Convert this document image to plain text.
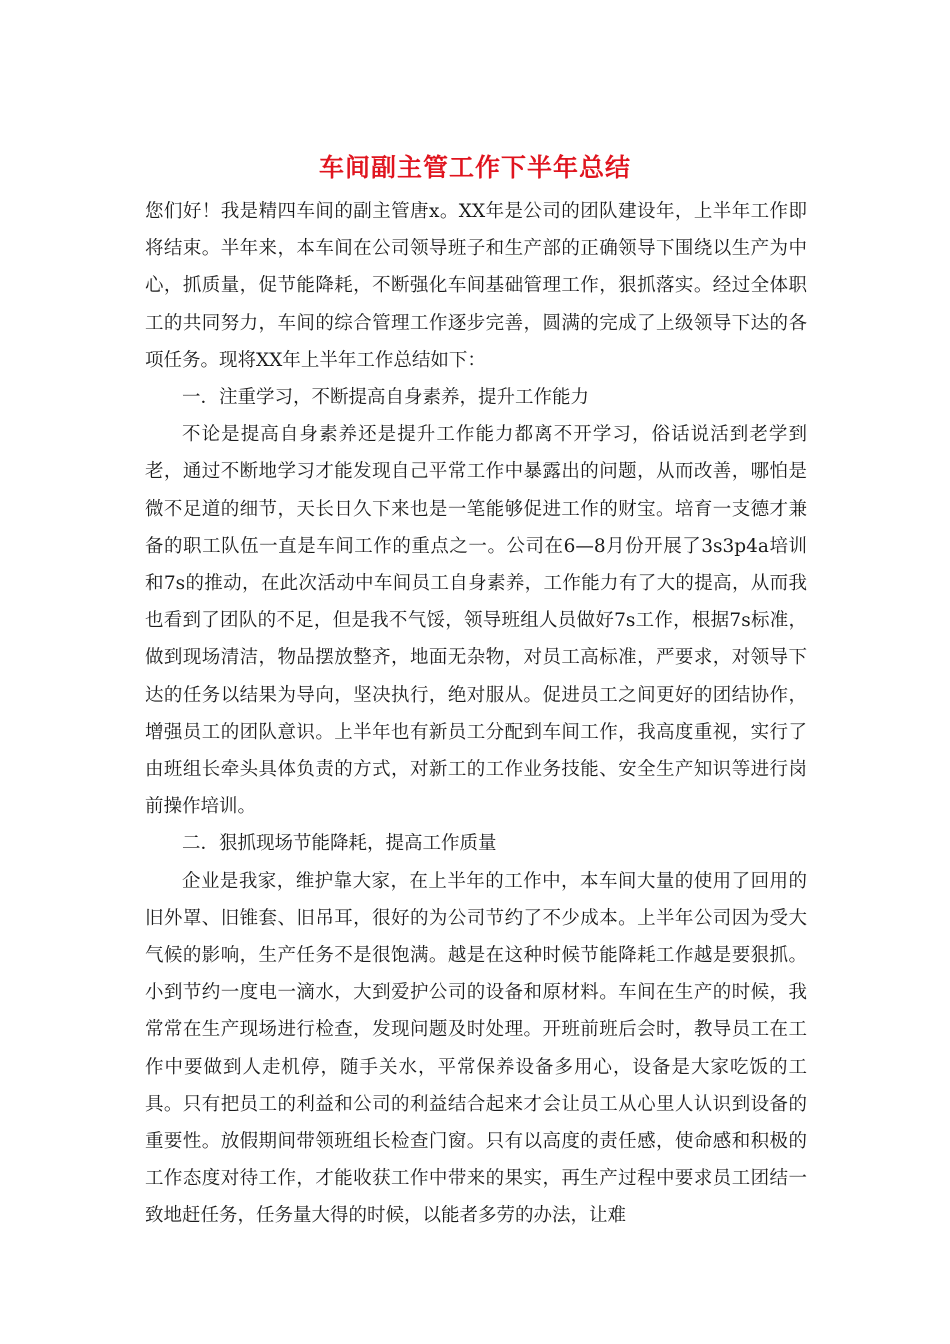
车间副主管工作下半年总结

您们好！我是精四车间的副主管唐x。XX年是公司的团队建设年，上半年工作即将结束。半年来，本车间在公司领导班子和生产部的正确领导下围绕以生产为中心，抓质量，促节能降耗，不断强化车间基础管理工作，狠抓落实。经过全体职工的共同努力，车间的综合管理工作逐步完善，圆满的完成了上级领导下达的各项任务。现将XX年上半年工作总结如下：

一．注重学习，不断提高自身素养，提升工作能力

不论是提高自身素养还是提升工作能力都离不开学习，俗话说活到老学到老，通过不断地学习才能发现自己平常工作中暴露出的问题，从而改善，哪怕是微不足道的细节，天长日久下来也是一笔能够促进工作的财宝。培育一支德才兼备的职工队伍一直是车间工作的重点之一。公司在6—8月份开展了3s3p4a培训和7s的推动，在此次活动中车间员工自身素养，工作能力有了大的提高，从而我也看到了团队的不足，但是我不气馁，领导班组人员做好7s工作，根据7s标准，做到现场清洁，物品摆放整齐，地面无杂物，对员工高标准，严要求，对领导下达的任务以结果为导向，坚决执行，绝对服从。促进员工之间更好的团结协作，增强员工的团队意识。上半年也有新员工分配到车间工作，我高度重视，实行了由班组长牵头具体负责的方式，对新工的工作业务技能、安全生产知识等进行岗前操作培训。

二．狠抓现场节能降耗，提高工作质量

企业是我家，维护靠大家，在上半年的工作中，本车间大量的使用了回用的旧外罩、旧锥套、旧吊耳，很好的为公司节约了不少成本。上半年公司因为受大气候的影响，生产任务不是很饱满。越是在这种时候节能降耗工作越是要狠抓。小到节约一度电一滴水，大到爱护公司的设备和原材料。车间在生产的时候，我常常在生产现场进行检查，发现问题及时处理。开班前班后会时，教导员工在工作中要做到人走机停，随手关水，平常保养设备多用心，设备是大家吃饭的工具。只有把员工的利益和公司的利益结合起来才会让员工从心里人认识到设备的重要性。放假期间带领班组长检查门窗。只有以高度的责任感，使命感和积极的工作态度对待工作，才能收获工作中带来的果实，再生产过程中要求员工团结一致地赶任务，任务量大得的时候，以能者多劳的办法，让难
